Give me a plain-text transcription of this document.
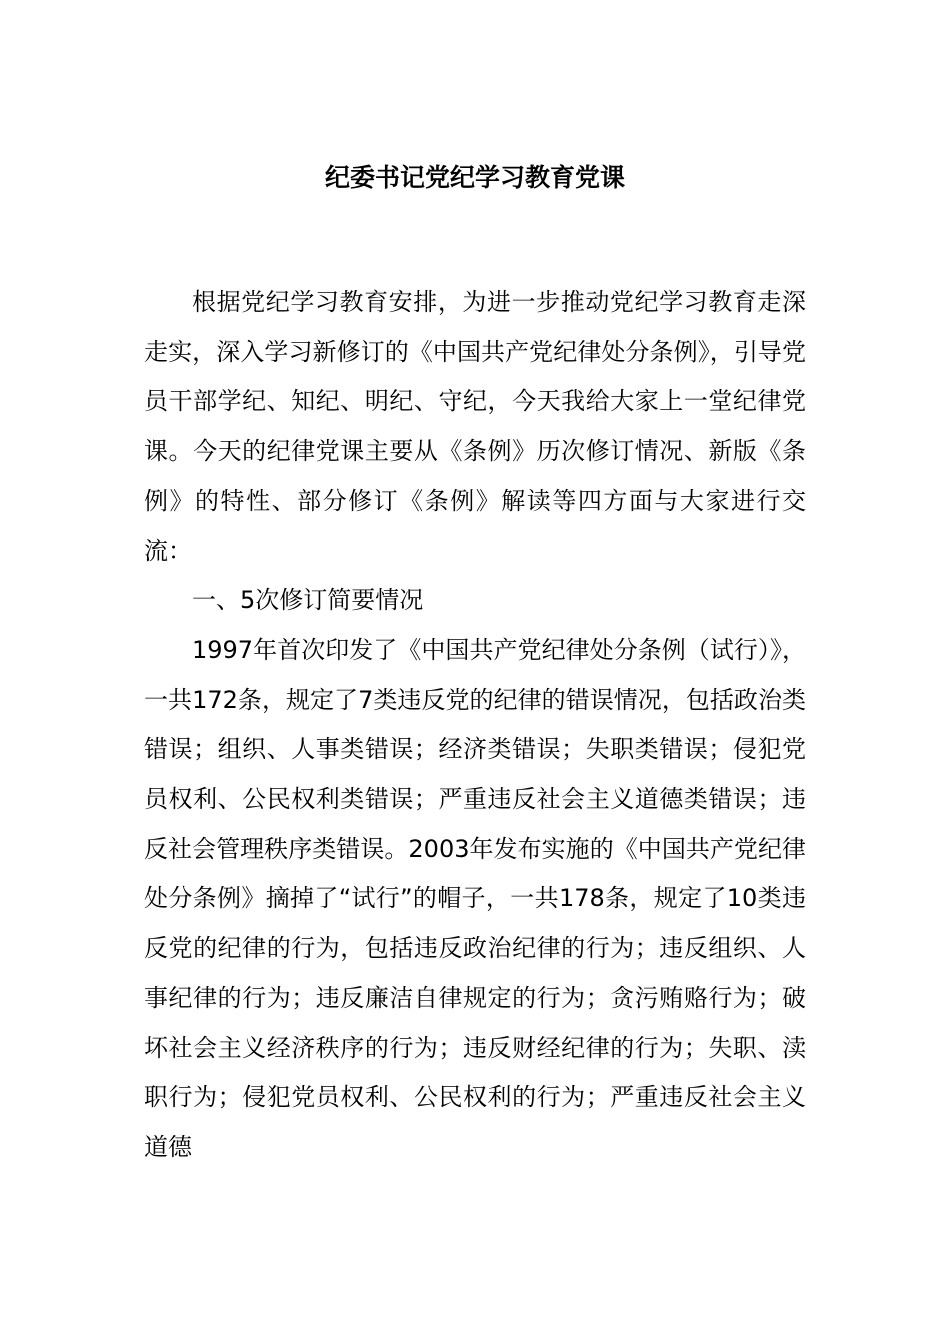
纪委书记党纪学习教育党课

根据党纪学习教育安排，为进一步推动党纪学习教育走深走实，深入学习新修订的《中国共产党纪律处分条例》，引导党员干部学纪、知纪、明纪、守纪，今天我给大家上一堂纪律党课。今天的纪律党课主要从《条例》历次修订情况、新版《条例》的特性、部分修订《条例》解读等四方面与大家进行交流：

一、5次修订简要情况

1997年首次印发了《中国共产党纪律处分条例（试行）》，一共172条，规定了7类违反党的纪律的错误情况，包括政治类错误；组织、人事类错误；经济类错误；失职类错误；侵犯党员权利、公民权利类错误；严重违反社会主义道德类错误；违反社会管理秩序类错误。2003年发布实施的《中国共产党纪律处分条例》摘掉了“试行”的帽子，一共178条，规定了10类违反党的纪律的行为，包括违反政治纪律的行为；违反组织、人事纪律的行为；违反廉洁自律规定的行为；贪污贿赂行为；破坏社会主义经济秩序的行为；违反财经纪律的行为；失职、渎职行为；侵犯党员权利、公民权利的行为；严重违反社会主义道德
